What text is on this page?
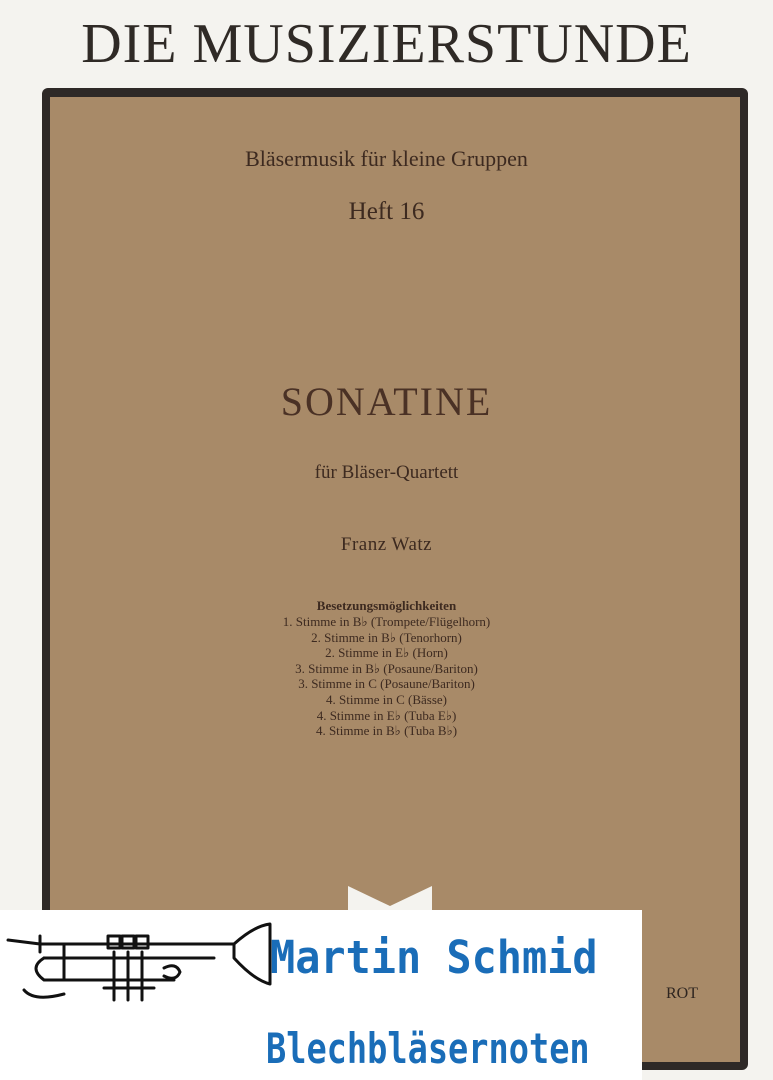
DIE MUSIZIERSTUNDE
Bläsermusik für kleine Gruppen
Heft 16
SONATINE
für Bläser-Quartett
Franz Watz
Besetzungsmöglichkeiten
1. Stimme in B♭ (Trompete/Flügelhorn)
2. Stimme in B♭ (Tenorhorn)
2. Stimme in E♭ (Horn)
3. Stimme in B♭ (Posaune/Bariton)
3. Stimme in C (Posaune/Bariton)
4. Stimme in C (Bässe)
4. Stimme in E♭ (Tuba E♭)
4. Stimme in B♭ (Tuba B♭)
ROT
Martin Schmid
Blechbläsernoten
